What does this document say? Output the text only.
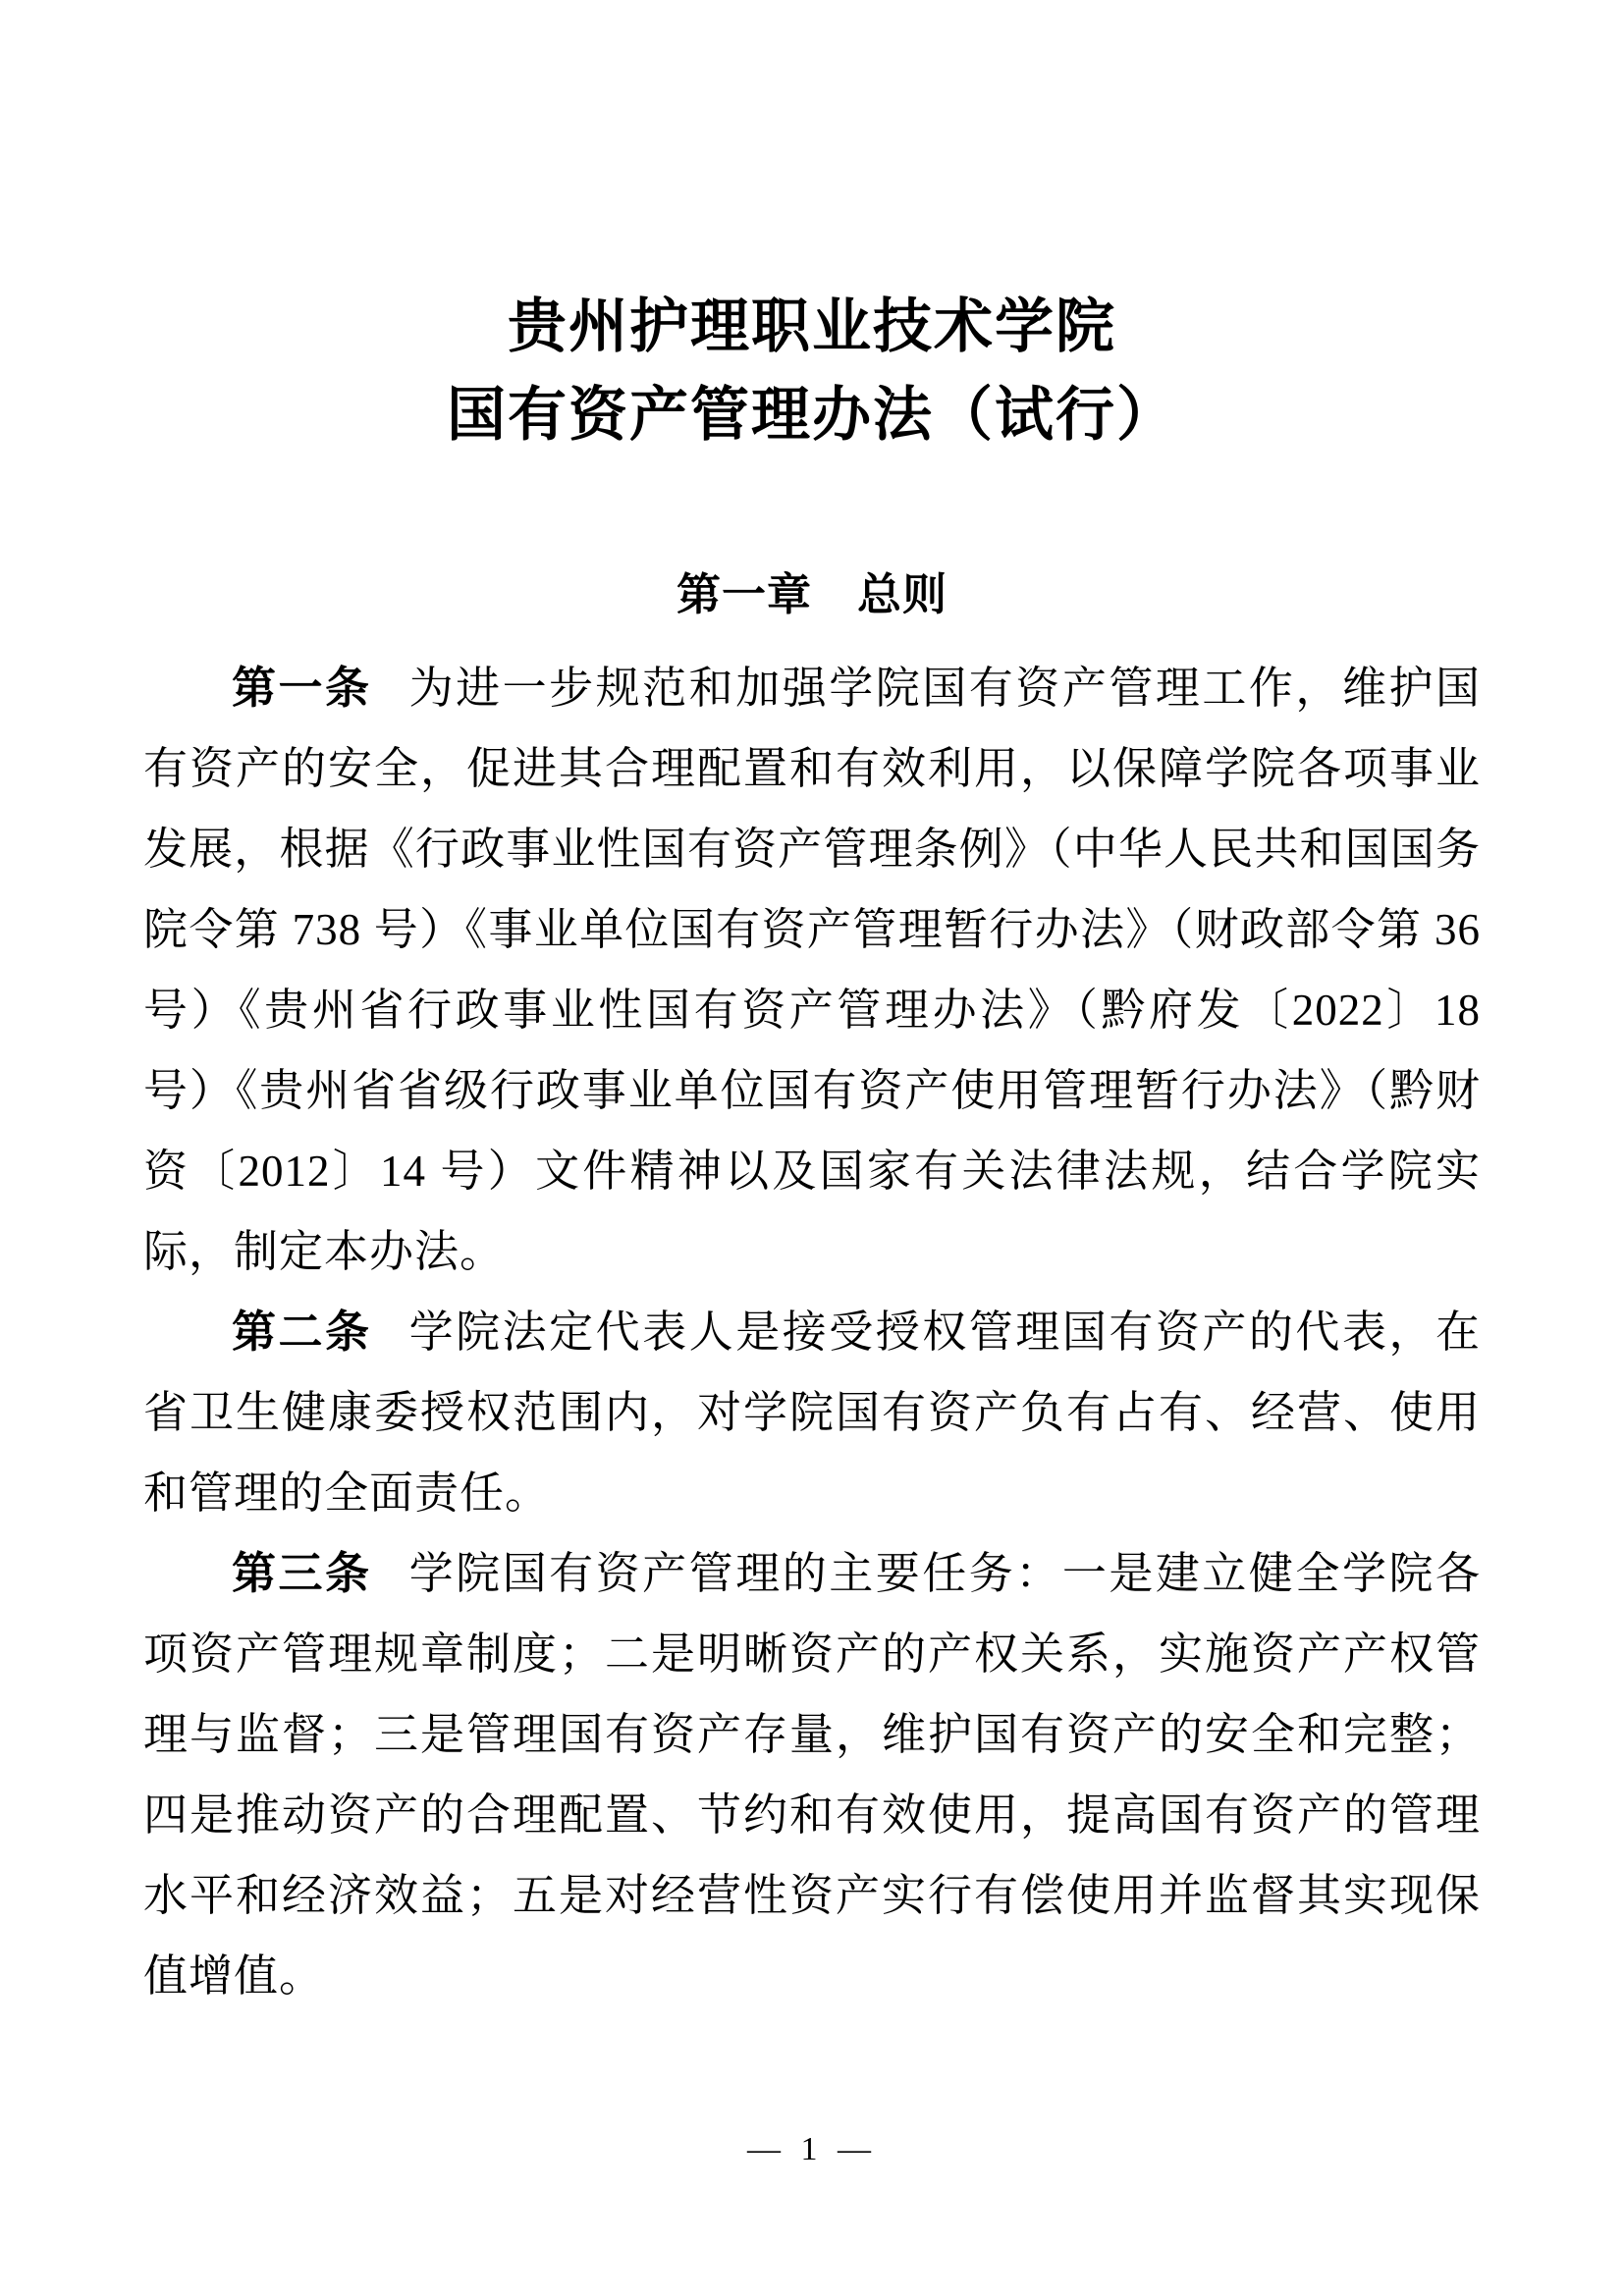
贵州护理职业技术学院
国有资产管理办法（试行）
第一章　总则

第一条 为进一步规范和加强学院国有资产管理工作，维护国有资产的安全，促进其合理配置和有效利用，以保障学院各项事业发展，根据《行政事业性国有资产管理条例》（中华人民共和国国务院令第 738 号）《事业单位国有资产管理暂行办法》（财政部令第 36 号）《贵州省行政事业性国有资产管理办法》（黔府发〔2022〕18 号）《贵州省省级行政事业单位国有资产使用管理暂行办法》（黔财资〔2012〕14 号）文件精神以及国家有关法律法规，结合学院实际，制定本办法。

第二条 学院法定代表人是接受授权管理国有资产的代表，在省卫生健康委授权范围内，对学院国有资产负有占有、经营、使用和管理的全面责任。

第三条 学院国有资产管理的主要任务：一是建立健全学院各项资产管理规章制度；二是明晰资产的产权关系，实施资产产权管理与监督；三是管理国有资产存量，维护国有资产的安全和完整；四是推动资产的合理配置、节约和有效使用，提高国有资产的管理水平和经济效益；五是对经营性资产实行有偿使用并监督其实现保值增值。

— 1 —
